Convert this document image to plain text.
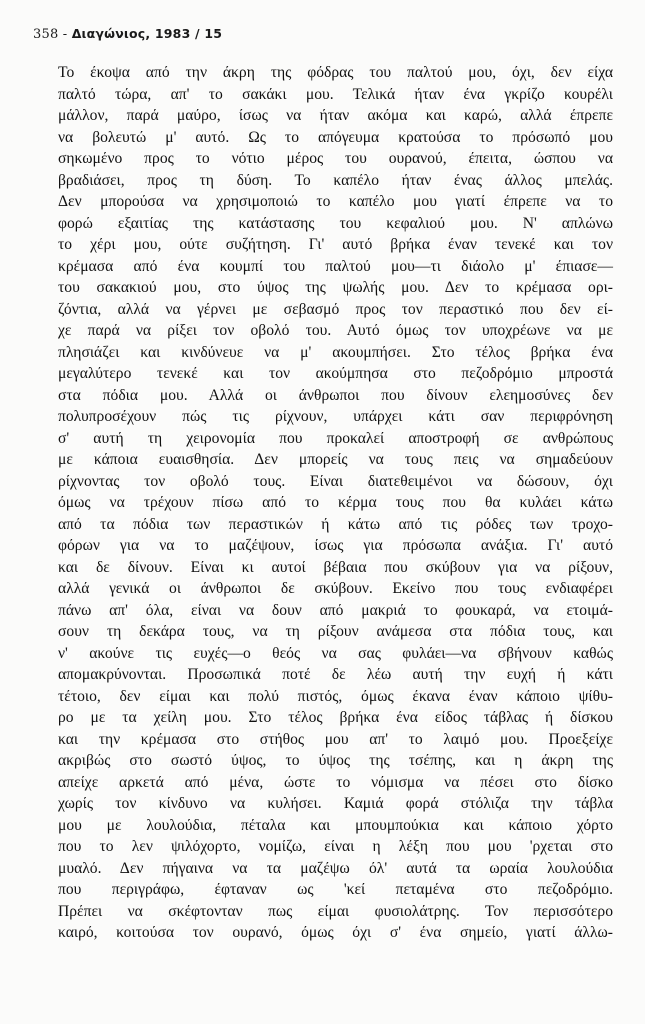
358 - Διαγώνιος, 1983 / 15
Το έκοψα από την άκρη της φόδρας του παλτού μου, όχι, δεν είχα
παλτό τώρα, απ' το σακάκι μου. Τελικά ήταν ένα γκρίζο κουρέλι
μάλλον, παρά μαύρο, ίσως να ήταν ακόμα και καρώ, αλλά έπρεπε
να βολευτώ μ' αυτό. Ως το απόγευμα κρατούσα το πρόσωπό μου
σηκωμένο προς το νότιο μέρος του ουρανού, έπειτα, ώσπου να
βραδιάσει, προς τη δύση. Το καπέλο ήταν ένας άλλος μπελάς.
Δεν μπορούσα να χρησιμοποιώ το καπέλο μου γιατί έπρεπε να το
φορώ εξαιτίας της κατάστασης του κεφαλιού μου. Ν' απλώνω
το χέρι μου, ούτε συζήτηση. Γι' αυτό βρήκα έναν τενεκέ και τον
κρέμασα από ένα κουμπί του παλτού μου—τι διάολο μ' έπιασε—
του σακακιού μου, στο ύψος της ψωλής μου. Δεν το κρέμασα ορι-
ζόντια, αλλά να γέρνει με σεβασμό προς τον περαστικό που δεν εί-
χε παρά να ρίξει τον οβολό του. Αυτό όμως τον υποχρέωνε να με
πλησιάζει και κινδύνευε να μ' ακουμπήσει. Στο τέλος βρήκα ένα
μεγαλύτερο τενεκέ και τον ακούμπησα στο πεζοδρόμιο μπροστά
στα πόδια μου. Αλλά οι άνθρωποι που δίνουν ελεημοσύνες δεν
πολυπροσέχουν πώς τις ρίχνουν, υπάρχει κάτι σαν περιφρόνηση
σ' αυτή τη χειρονομία που προκαλεί αποστροφή σε ανθρώπους
με κάποια ευαισθησία. Δεν μπορείς να τους πεις να σημαδεύουν
ρίχνοντας τον οβολό τους. Είναι διατεθειμένοι να δώσουν, όχι
όμως να τρέχουν πίσω από το κέρμα τους που θα κυλάει κάτω
από τα πόδια των περαστικών ή κάτω από τις ρόδες των τροχο-
φόρων για να το μαζέψουν, ίσως για πρόσωπα ανάξια. Γι' αυτό
και δε δίνουν. Είναι κι αυτοί βέβαια που σκύβουν για να ρίξουν,
αλλά γενικά οι άνθρωποι δε σκύβουν. Εκείνο που τους ενδιαφέρει
πάνω απ' όλα, είναι να δουν από μακριά το φουκαρά, να ετοιμά-
σουν τη δεκάρα τους, να τη ρίξουν ανάμεσα στα πόδια τους, και
ν' ακούνε τις ευχές—ο θεός να σας φυλάει—να σβήνουν καθώς
απομακρύνονται. Προσωπικά ποτέ δε λέω αυτή την ευχή ή κάτι
τέτοιο, δεν είμαι και πολύ πιστός, όμως έκανα έναν κάποιο ψίθυ-
ρο με τα χείλη μου. Στο τέλος βρήκα ένα είδος τάβλας ή δίσκου
και την κρέμασα στο στήθος μου απ' το λαιμό μου. Προεξείχε
ακριβώς στο σωστό ύψος, το ύψος της τσέπης, και η άκρη της
απείχε αρκετά από μένα, ώστε το νόμισμα να πέσει στο δίσκο
χωρίς τον κίνδυνο να κυλήσει. Καμιά φορά στόλιζα την τάβλα
μου με λουλούδια, πέταλα και μπουμπούκια και κάποιο χόρτο
που το λεν ψιλόχορτο, νομίζω, είναι η λέξη που μου 'ρχεται στο
μυαλό. Δεν πήγαινα να τα μαζέψω όλ' αυτά τα ωραία λουλούδια
που περιγράφω, έφταναν ως 'κεί πεταμένα στο πεζοδρόμιο.
Πρέπει να σκέφτονταν πως είμαι φυσιολάτρης. Τον περισσότερο
καιρό, κοιτούσα τον ουρανό, όμως όχι σ' ένα σημείο, γιατί άλλω-
